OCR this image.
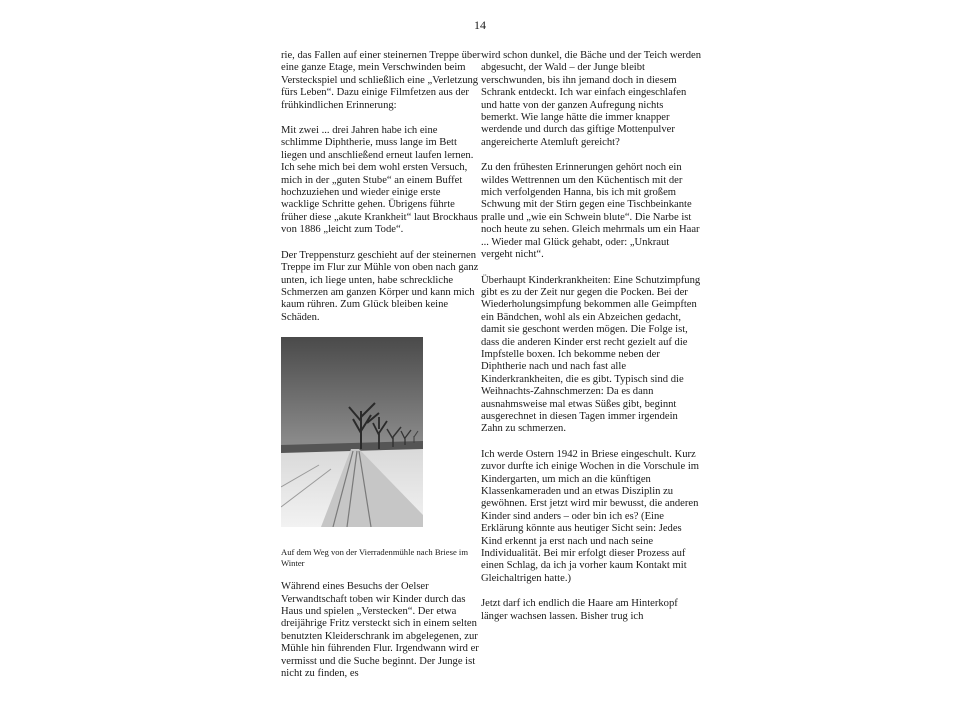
14

rie, das Fallen auf einer steinernen Treppe über eine ganze Etage, mein Verschwinden beim Versteckspiel und schließlich eine „Verletzung fürs Leben“. Dazu einige Filmfetzen aus der frühkindlichen Erinnerung:

Mit zwei ... drei Jahren habe ich eine schlimme Diphtherie, muss lange im Bett liegen und anschließend erneut laufen lernen. Ich sehe mich bei dem wohl ersten Versuch, mich in der „guten Stube“ an einem Buffet hochzuziehen und wieder einige erste wacklige Schritte gehen. Übrigens führte früher diese „akute Krankheit“ laut Brockhaus von 1886 „leicht zum Tode“.

Der Treppensturz geschieht auf der steinernen Treppe im Flur zur Mühle von oben nach ganz unten, ich liege unten, habe schreckliche Schmerzen am ganzen Körper und kann mich kaum rühren. Zum Glück bleiben keine Schäden.

Auf dem Weg von der Vierradenmühle nach Briese im Winter

Während eines Besuchs der Oelser Verwandtschaft toben wir Kinder durch das Haus und spielen „Verstecken“. Der etwa dreijährige Fritz versteckt sich in einem selten benutzten Kleiderschrank im abgelegenen, zur Mühle hin führenden Flur. Irgendwann wird er vermisst und die Suche beginnt. Der Junge ist nicht zu finden, es

wird schon dunkel, die Bäche und der Teich werden abgesucht, der Wald – der Junge bleibt verschwunden, bis ihn jemand doch in diesem Schrank entdeckt. Ich war einfach eingeschlafen und hatte von der ganzen Aufregung nichts bemerkt. Wie lange hätte die immer knapper werdende und durch das giftige Mottenpulver angereicherte Atemluft gereicht?

Zu den frühesten Erinnerungen gehört noch ein wildes Wettrennen um den Küchentisch mit der mich verfolgenden Hanna, bis ich mit großem Schwung mit der Stirn gegen eine Tischbeinkante pralle und „wie ein Schwein blute“. Die Narbe ist noch heute zu sehen. Gleich mehrmals um ein Haar ... Wieder mal Glück gehabt, oder: „Unkraut vergeht nicht“.

Überhaupt Kinderkrankheiten: Eine Schutzimpfung gibt es zu der Zeit nur gegen die Pocken. Bei der Wiederholungsimpfung bekommen alle Geimpften ein Bändchen, wohl als ein Abzeichen gedacht, damit sie geschont werden mögen. Die Folge ist, dass die anderen Kinder erst recht gezielt auf die Impfstelle boxen. Ich bekomme neben der Diphtherie nach und nach fast alle Kinderkrankheiten, die es gibt. Typisch sind die Weihnachts-Zahnschmerzen: Da es dann ausnahmsweise mal etwas Süßes gibt, beginnt ausgerechnet in diesen Tagen immer irgendein Zahn zu schmerzen.

Ich werde Ostern 1942 in Briese eingeschult. Kurz zuvor durfte ich einige Wochen in die Vorschule im Kindergarten, um mich an die künftigen Klassenkameraden und an etwas Disziplin zu gewöhnen. Erst jetzt wird mir bewusst, die anderen Kinder sind anders – oder bin ich es? (Eine Erklärung könnte aus heutiger Sicht sein: Jedes Kind erkennt ja erst nach und nach seine Individualität. Bei mir erfolgt dieser Prozess auf einen Schlag, da ich ja vorher kaum Kontakt mit Gleichaltrigen hatte.)

Jetzt darf ich endlich die Haare am Hinterkopf länger wachsen lassen. Bisher trug ich
